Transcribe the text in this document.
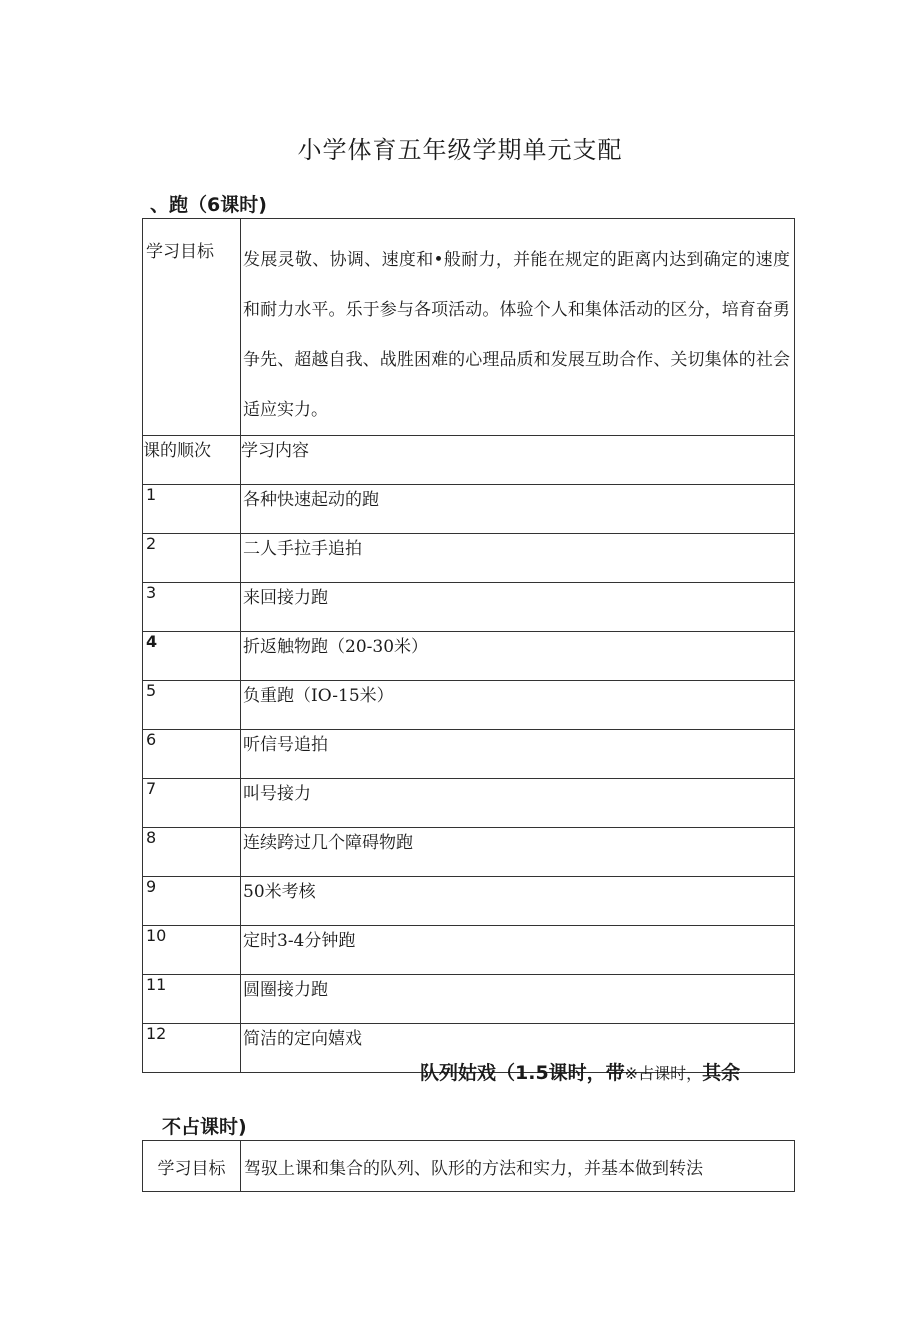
小学体育五年级学期单元支配
、跑（6课时)
学习目标	发展灵敬、协调、速度和•般耐力，并能在规定的距离内达到确定的速度和耐力水平。乐于参与各项活动。体验个人和集体活动的区分，培育奋勇争先、超越自我、战胜困难的心理品质和发展互助合作、关切集体的社会适应实力。
课的顺次	学习内容
1	各种快速起动的跑
2	二人手拉手追拍
3	来回接力跑
4	折返触物跑（20-30米）
5	负重跑（IO-15米）
6	听信号追拍
7	叫号接力
8	连续跨过几个障碍物跑
9	50米考核
10	定时3-4分钟跑
11	圆圈接力跑
12	简洁的定向嬉戏
队列姑戏（1.5课时，带※占课时，其余
不占课时)
学习目标	驾驭上课和集合的队列、队形的方法和实力，并基本做到转法
